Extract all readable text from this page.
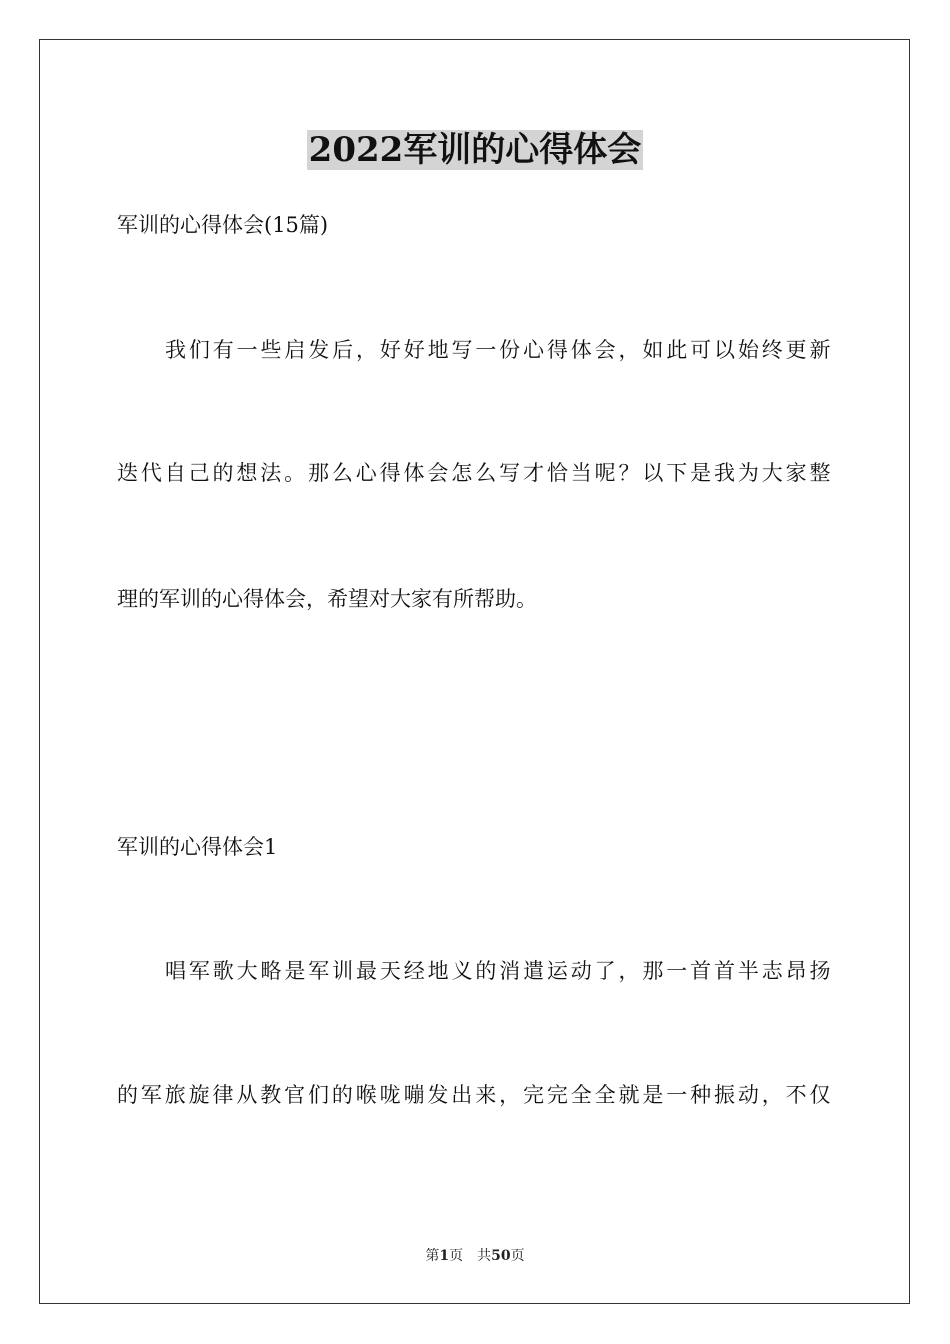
2022军训的心得体会

军训的心得体会(15篇)

我们有一些启发后，好好地写一份心得体会，如此可以始终更新

迭代自己的想法。那么心得体会怎么写才恰当呢？以下是我为大家整

理的军训的心得体会，希望对大家有所帮助。

军训的心得体会1

唱军歌大略是军训最天经地义的消遣运动了，那一首首半志昂扬

的军旅旋律从教官们的喉咙嘣发出来，完完全全就是一种振动，不仅

第1页 共50页
